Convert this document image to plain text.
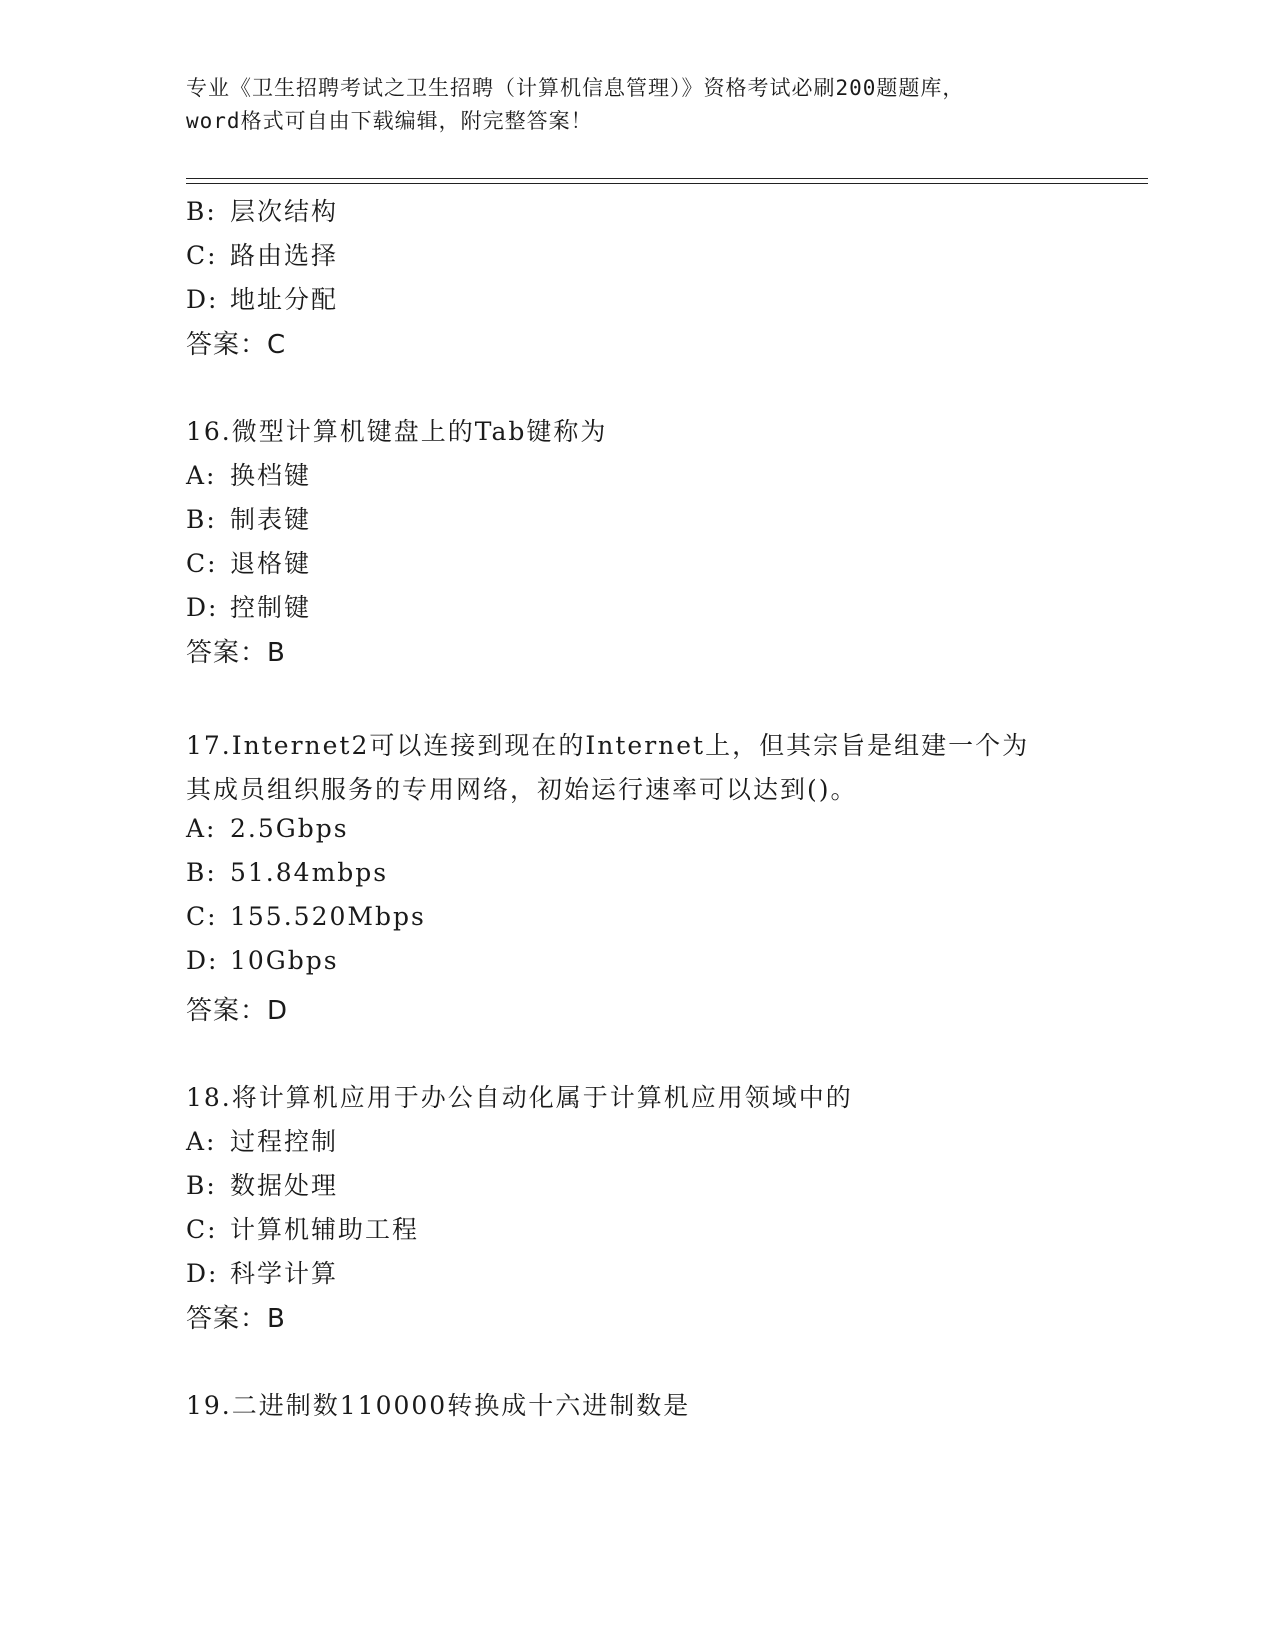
专业《卫生招聘考试之卫生招聘（计算机信息管理）》资格考试必刷200题题库，
word格式可自由下载编辑，附完整答案！
B: 层次结构
C: 路由选择
D: 地址分配
答案：C
16.微型计算机键盘上的Tab键称为
A: 换档键
B: 制表键
C: 退格键
D: 控制键
答案：B
17.Internet2可以连接到现在的Internet上，但其宗旨是组建一个为
其成员组织服务的专用网络，初始运行速率可以达到()。
A: 2.5Gbps
B: 51.84mbps
C: 155.520Mbps
D: 10Gbps
答案：D
18.将计算机应用于办公自动化属于计算机应用领域中的
A: 过程控制
B: 数据处理
C: 计算机辅助工程
D: 科学计算
答案：B
19.二进制数110000转换成十六进制数是
